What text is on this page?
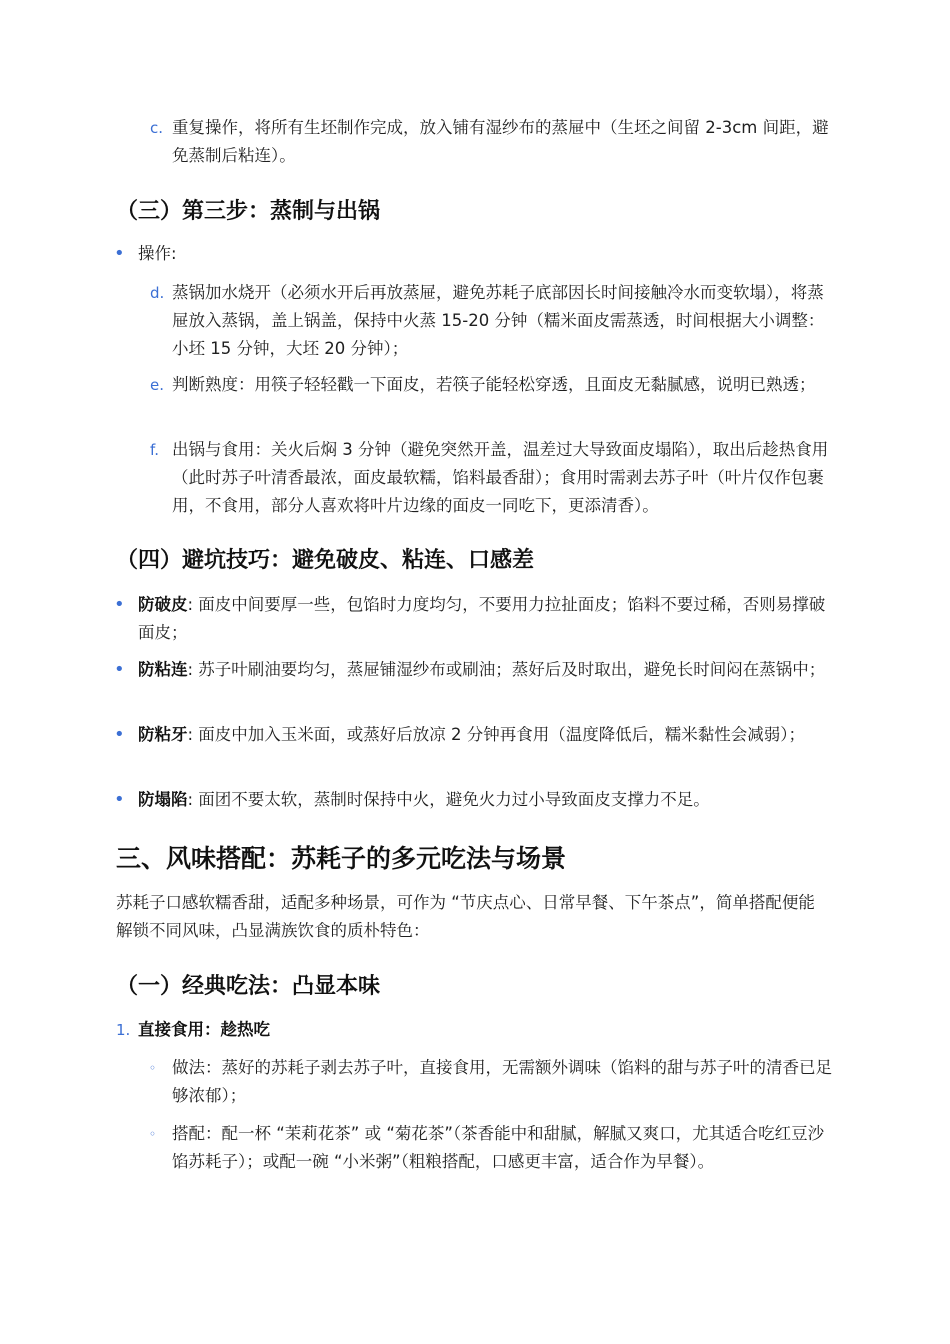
c. 重复操作，将所有生坯制作完成，放入铺有湿纱布的蒸屉中（生坯之间留 2-3cm 间距，避免蒸制后粘连）。
（三）第三步：蒸制与出锅
• 操作:
d. 蒸锅加水烧开（必须水开后再放蒸屉，避免苏耗子底部因长时间接触冷水而变软塌），将蒸屉放入蒸锅，盖上锅盖，保持中火蒸 15-20 分钟（糯米面皮需蒸透，时间根据大小调整：小坯 15 分钟，大坯 20 分钟）；
e. 判断熟度：用筷子轻轻戳一下面皮，若筷子能轻松穿透，且面皮无黏腻感，说明已熟透；
f. 出锅与食用：关火后焖 3 分钟（避免突然开盖，温差过大导致面皮塌陷），取出后趁热食用（此时苏子叶清香最浓，面皮最软糯，馅料最香甜）；食用时需剥去苏子叶（叶片仅作包裹用，不食用，部分人喜欢将叶片边缘的面皮一同吃下，更添清香）。
（四）避坑技巧：避免破皮、粘连、口感差
• 防破皮: 面皮中间要厚一些，包馅时力度均匀，不要用力拉扯面皮；馅料不要过稀，否则易撑破面皮；
• 防粘连: 苏子叶刷油要均匀，蒸屉铺湿纱布或刷油；蒸好后及时取出，避免长时间闷在蒸锅中；
• 防粘牙: 面皮中加入玉米面，或蒸好后放凉 2 分钟再食用（温度降低后，糯米黏性会减弱）；
• 防塌陷: 面团不要太软，蒸制时保持中火，避免火力过小导致面皮支撑力不足。
三、风味搭配：苏耗子的多元吃法与场景
苏耗子口感软糯香甜，适配多种场景，可作为 “节庆点心、日常早餐、下午茶点”，简单搭配便能解锁不同风味，凸显满族饮食的质朴特色：
（一）经典吃法：凸显本味
1. 直接食用：趁热吃
◦ 做法：蒸好的苏耗子剥去苏子叶，直接食用，无需额外调味（馅料的甜与苏子叶的清香已足够浓郁）；
◦ 搭配：配一杯 “茉莉花茶” 或 “菊花茶”（茶香能中和甜腻，解腻又爽口，尤其适合吃红豆沙馅苏耗子）；或配一碗 “小米粥”（粗粮搭配，口感更丰富，适合作为早餐）。
